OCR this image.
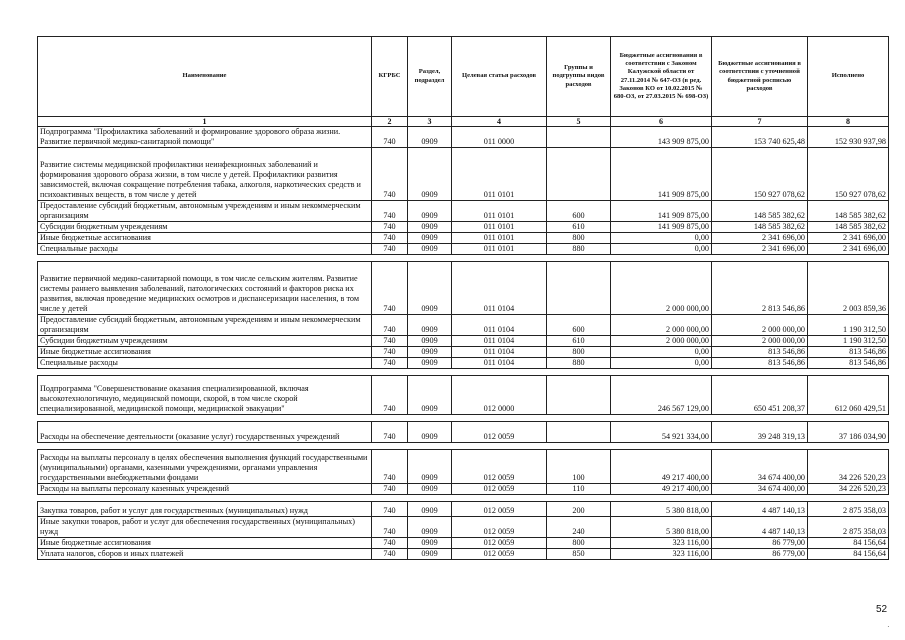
Наименование	КГРБС	Раздел, подраздел	Целевая статья расходов	Группы и подгруппы видов расходов	Бюджетные ассигнования в соответствии с Законом Калужской области от 27.11.2014 № 647-ОЗ (в ред. Законов КО от 10.02.2015 № 680-ОЗ, от 27.03.2015 № 698-ОЗ)	Бюджетные ассигнования в соответствии с уточненной бюджетной росписью расходов	Исполнено
1	2	3	4	5	6	7	8
Подпрограмма "Профилактика заболеваний и формирование здорового образа жизни. Развитие первичной медико-санитарной помощи"	740	0909	011 0000		143 909 875,00	153 740 625,48	152 930 937,98
Развитие системы медицинской профилактики неинфекционных заболеваний и формирования здорового образа жизни, в том числе у детей. Профилактики развития зависимостей, включая сокращение потребления табака, алкоголя, наркотических средств и психоактивных веществ, в том числе у детей	740	0909	011 0101		141 909 875,00	150 927 078,62	150 927 078,62
Предоставление субсидий бюджетным, автономным учреждениям и иным некоммерческим организациям	740	0909	011 0101	600	141 909 875,00	148 585 382,62	148 585 382,62
Субсидии бюджетным учреждениям	740	0909	011 0101	610	141 909 875,00	148 585 382,62	148 585 382,62
Иные бюджетные ассигнования	740	0909	011 0101	800	0,00	2 341 696,00	2 341 696,00
Специальные расходы	740	0909	011 0101	880	0,00	2 341 696,00	2 341 696,00

Развитие первичной медико-санитарной помощи, в том числе сельским жителям. Развитие системы раннего выявления заболеваний, патологических состояний и факторов риска их развития, включая проведение медицинских осмотров и диспансеризации населения, в том числе у детей	740	0909	011 0104		2 000 000,00	2 813 546,86	2 003 859,36
Предоставление субсидий бюджетным, автономным учреждениям и иным некоммерческим организациям	740	0909	011 0104	600	2 000 000,00	2 000 000,00	1 190 312,50
Субсидии бюджетным учреждениям	740	0909	011 0104	610	2 000 000,00	2 000 000,00	1 190 312,50
Иные бюджетные ассигнования	740	0909	011 0104	800	0,00	813 546,86	813 546,86
Специальные расходы	740	0909	011 0104	880	0,00	813 546,86	813 546,86

Подпрограмма "Совершенствование оказания специализированной, включая высокотехнологичную, медицинской помощи, скорой, в том числе скорой специализированной, медицинской помощи, медицинской эвакуации"	740	0909	012 0000		246 567 129,00	650 451 208,37	612 060 429,51

Расходы на обеспечение деятельности (оказание услуг) государственных учреждений	740	0909	012 0059		54 921 334,00	39 248 319,13	37 186 034,90

Расходы на выплаты персоналу в целях обеспечения выполнения функций государственными (муниципальными) органами, казенными учреждениями, органами управления государственными внебюджетными фондами	740	0909	012 0059	100	49 217 400,00	34 674 400,00	34 226 520,23
Расходы на выплаты персоналу казенных учреждений	740	0909	012 0059	110	49 217 400,00	34 674 400,00	34 226 520,23

Закупка товаров, работ и услуг для государственных (муниципальных) нужд	740	0909	012 0059	200	5 380 818,00	4 487 140,13	2 875 358,03
Иные закупки товаров, работ и услуг для обеспечения государственных (муниципальных) нужд	740	0909	012 0059	240	5 380 818,00	4 487 140,13	2 875 358,03
Иные бюджетные ассигнования	740	0909	012 0059	800	323 116,00	86 779,00	84 156,64
Уплата налогов, сборов и иных платежей	740	0909	012 0059	850	323 116,00	86 779,00	84 156,64
52
·
